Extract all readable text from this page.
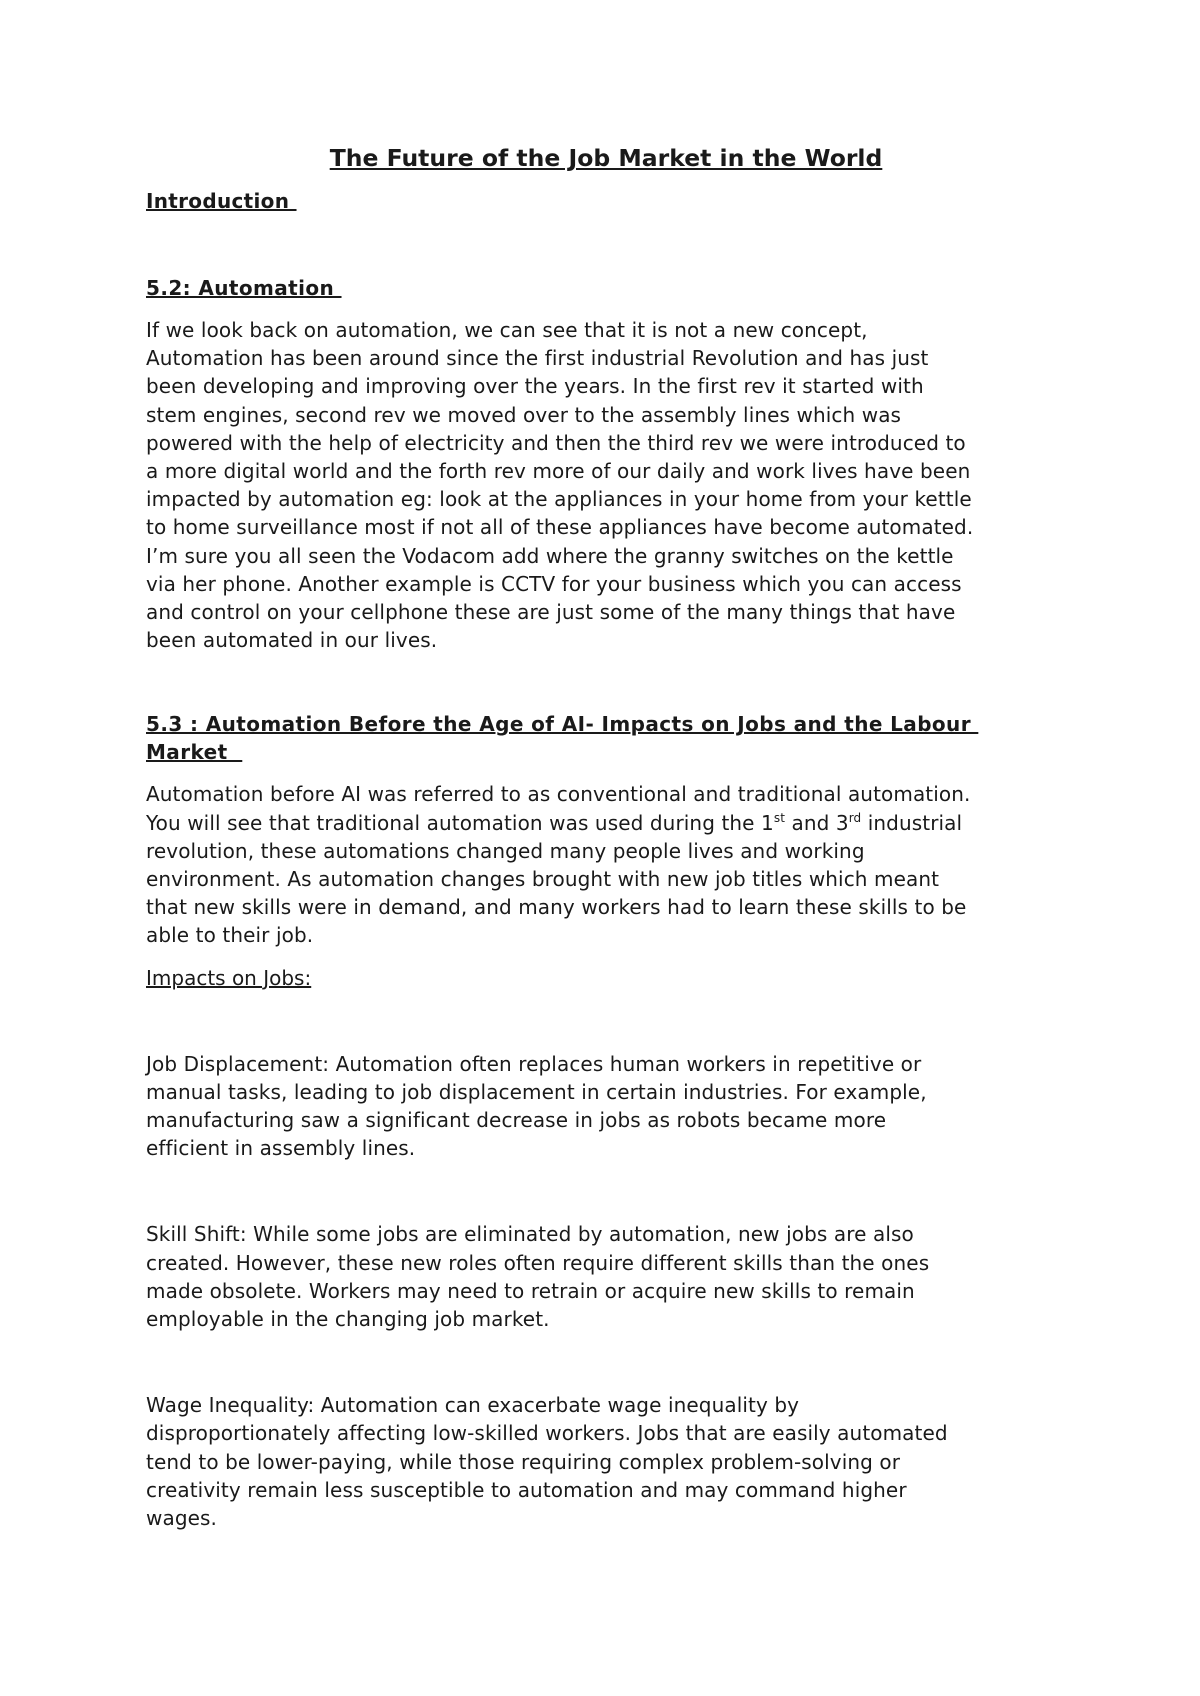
The Future of the Job Market in the World
Introduction
5.2: Automation

If we look back on automation, we can see that it is not a new concept,
Automation has been around since the first industrial Revolution and has just
been developing and improving over the years. In the first rev it started with
stem engines, second rev we moved over to the assembly lines which was
powered with the help of electricity and then the third rev we were introduced to
a more digital world and the forth rev more of our daily and work lives have been
impacted by automation eg: look at the appliances in your home from your kettle
to home surveillance most if not all of these appliances have become automated.
I’m sure you all seen the Vodacom add where the granny switches on the kettle
via her phone. Another example is CCTV for your business which you can access
and control on your cellphone these are just some of the many things that have
been automated in our lives.

5.3 : Automation Before the Age of AI- Impacts on Jobs and the Labour
Market

Automation before AI was referred to as conventional and traditional automation.
You will see that traditional automation was used during the 1st and 3rd industrial
revolution, these automations changed many people lives and working
environment. As automation changes brought with new job titles which meant
that new skills were in demand, and many workers had to learn these skills to be
able to their job.

Impacts on Jobs:

Job Displacement: Automation often replaces human workers in repetitive or
manual tasks, leading to job displacement in certain industries. For example,
manufacturing saw a significant decrease in jobs as robots became more
efficient in assembly lines.

Skill Shift: While some jobs are eliminated by automation, new jobs are also
created. However, these new roles often require different skills than the ones
made obsolete. Workers may need to retrain or acquire new skills to remain
employable in the changing job market.

Wage Inequality: Automation can exacerbate wage inequality by
disproportionately affecting low-skilled workers. Jobs that are easily automated
tend to be lower-paying, while those requiring complex problem-solving or
creativity remain less susceptible to automation and may command higher
wages.
